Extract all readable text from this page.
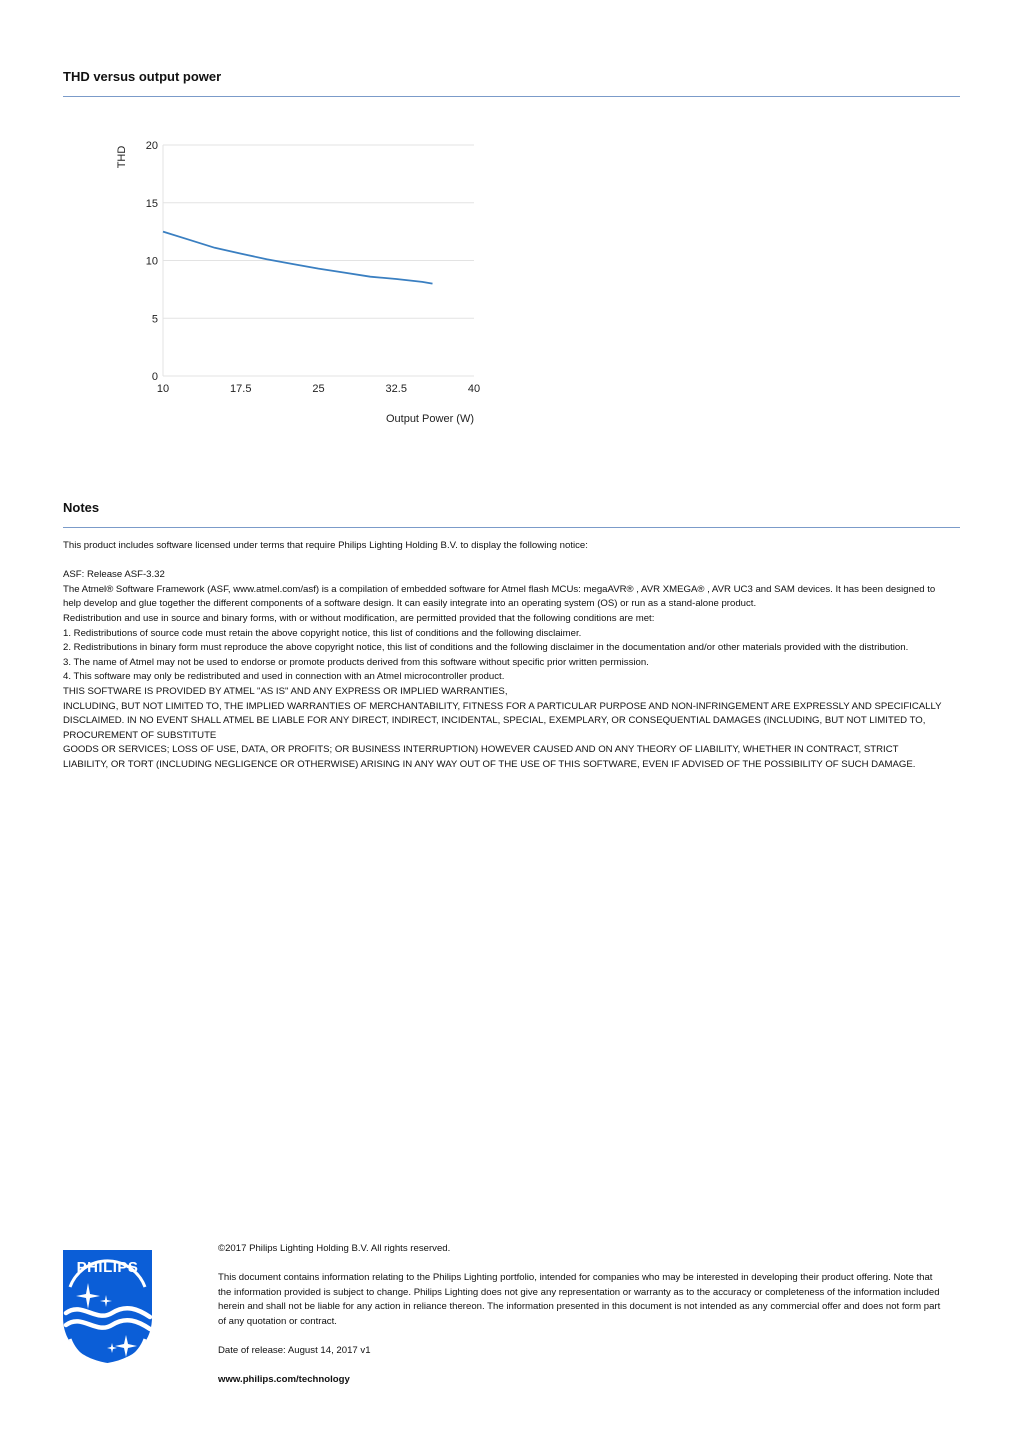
THD versus output power
0
5
10
15
20
10	17.5	25	32.5	40
Output Power (W)
THD
Notes

This product includes software licensed under terms that require Philips Lighting Holding B.V. to display the following notice:

ASF: Release ASF-3.32

The Atmel® Software Framework (ASF, www.atmel.com/asf) is a compilation of embedded software for Atmel flash MCUs: megaAVR® , AVR XMEGA® , AVR UC3 and SAM devices. It has been designed to help develop and glue together the different components of a software design. It can easily integrate into an operating system (OS) or run as a stand-alone product.

Redistribution and use in source and binary forms, with or without modification, are permitted provided that the following conditions are met:

1. Redistributions of source code must retain the above copyright notice, this list of conditions and the following disclaimer.

2. Redistributions in binary form must reproduce the above copyright notice, this list of conditions and the following disclaimer in the documentation and/or other materials provided with the distribution.

3. The name of Atmel may not be used to endorse or promote products derived from this software without specific prior written permission.

4. This software may only be redistributed and used in connection with an Atmel microcontroller product.

THIS SOFTWARE IS PROVIDED BY ATMEL "AS IS" AND ANY EXPRESS OR IMPLIED WARRANTIES,

INCLUDING, BUT NOT LIMITED TO, THE IMPLIED WARRANTIES OF MERCHANTABILITY, FITNESS FOR A PARTICULAR PURPOSE AND NON-INFRINGEMENT ARE EXPRESSLY AND SPECIFICALLY DISCLAIMED. IN NO EVENT SHALL ATMEL BE LIABLE FOR ANY DIRECT, INDIRECT, INCIDENTAL, SPECIAL, EXEMPLARY, OR CONSEQUENTIAL DAMAGES (INCLUDING, BUT NOT LIMITED TO, PROCUREMENT OF SUBSTITUTE

GOODS OR SERVICES; LOSS OF USE, DATA, OR PROFITS; OR BUSINESS INTERRUPTION) HOWEVER CAUSED AND ON ANY THEORY OF LIABILITY, WHETHER IN CONTRACT, STRICT LIABILITY, OR TORT (INCLUDING NEGLIGENCE OR OTHERWISE) ARISING IN ANY WAY OUT OF THE USE OF THIS SOFTWARE, EVEN IF ADVISED OF THE POSSIBILITY OF SUCH DAMAGE.

PHILIPS

©2017 Philips Lighting Holding B.V. All rights reserved.

This document contains information relating to the Philips Lighting portfolio, intended for companies who may be interested in developing their product offering. Note that the information provided is subject to change. Philips Lighting does not give any representation or warranty as to the accuracy or completeness of the information included herein and shall not be liable for any action in reliance thereon. The information presented in this document is not intended as any commercial offer and does not form part of any quotation or contract.

Date of release: August 14, 2017 v1

www.philips.com/technology
